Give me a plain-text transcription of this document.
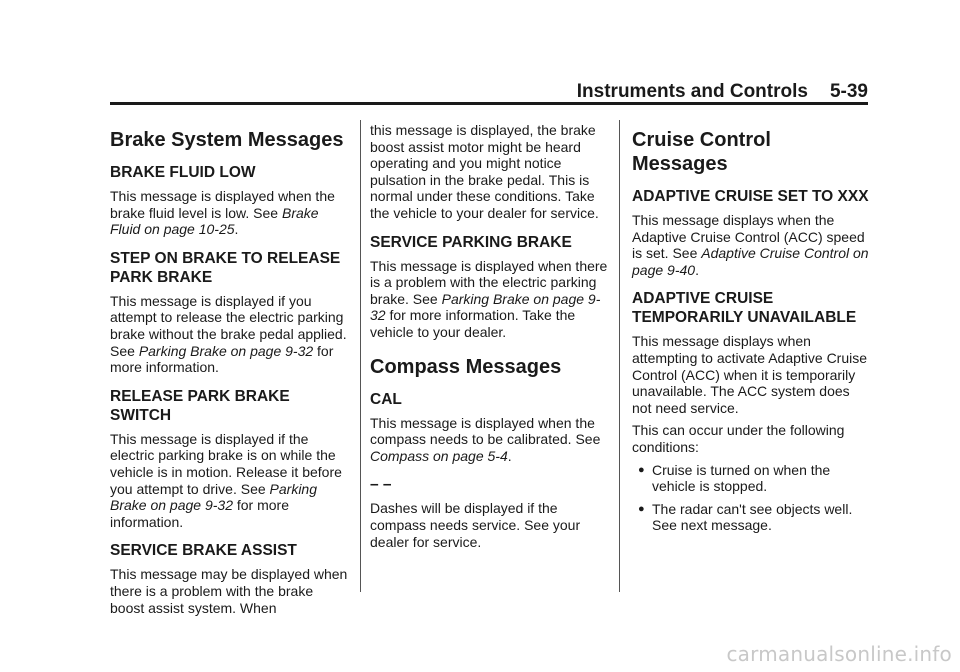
Instruments and Controls 5-39
Brake System Messages
BRAKE FLUID LOW

This message is displayed when the brake fluid level is low. See Brake Fluid on page 10-25.

STEP ON BRAKE TO RELEASE PARK BRAKE

This message is displayed if you attempt to release the electric parking brake without the brake pedal applied. See Parking Brake on page 9-32 for more information.

RELEASE PARK BRAKE SWITCH

This message is displayed if the electric parking brake is on while the vehicle is in motion. Release it before you attempt to drive. See Parking Brake on page 9-32 for more information.

SERVICE BRAKE ASSIST

This message may be displayed when there is a problem with the brake boost assist system. When

this message is displayed, the brake boost assist motor might be heard operating and you might notice pulsation in the brake pedal. This is normal under these conditions. Take the vehicle to your dealer for service.

SERVICE PARKING BRAKE

This message is displayed when there is a problem with the electric parking brake. See Parking Brake on page 9-32 for more information. Take the vehicle to your dealer.

Compass Messages
CAL

This message is displayed when the compass needs to be calibrated. See Compass on page 5-4.

– –

Dashes will be displayed if the compass needs service. See your dealer for service.

Cruise Control Messages
ADAPTIVE CRUISE SET TO XXX

This message displays when the Adaptive Cruise Control (ACC) speed is set. See Adaptive Cruise Control on page 9-40.

ADAPTIVE CRUISE TEMPORARILY UNAVAILABLE

This message displays when attempting to activate Adaptive Cruise Control (ACC) when it is temporarily unavailable. The ACC system does not need service.

This can occur under the following conditions:

● Cruise is turned on when the vehicle is stopped.
● The radar can't see objects well. See next message.
carmanualsonline.info
